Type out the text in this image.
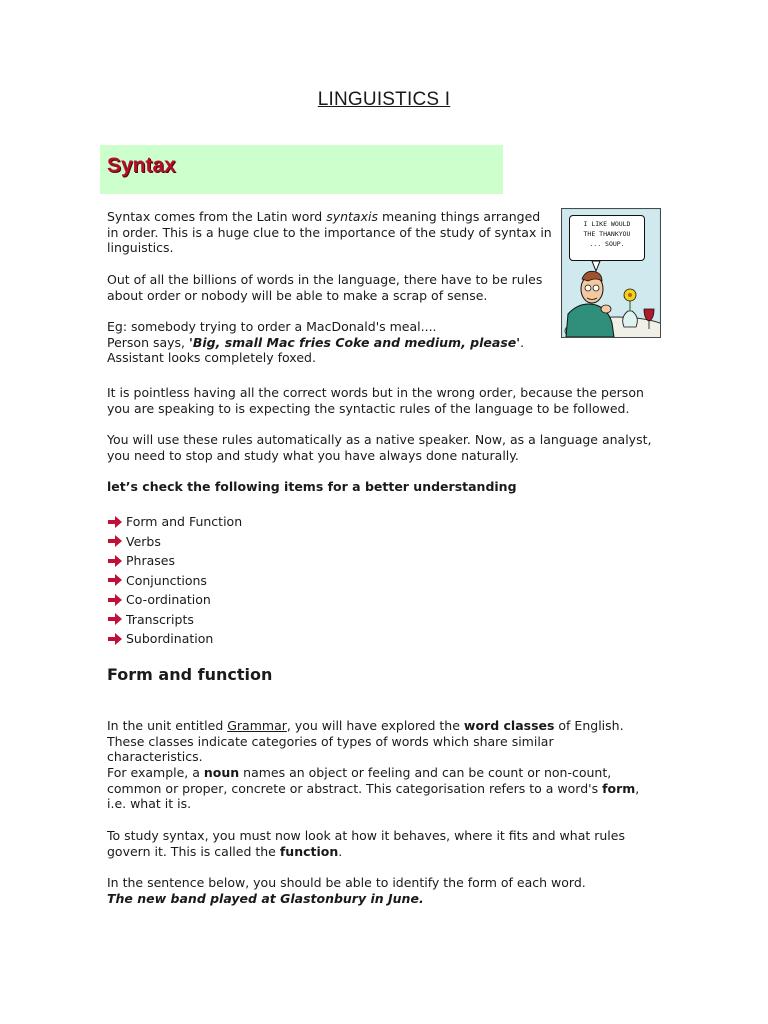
LINGUISTICS I
Syntax

Syntax comes from the Latin word syntaxis meaning things arranged in order. This is a huge clue to the importance of the study of syntax in linguistics.

Out of all the billions of words in the language, there have to be rules about order or nobody will be able to make a scrap of sense.

Eg: somebody trying to order a MacDonald's meal....
Person says, 'Big, small Mac fries Coke and medium, please'.
Assistant looks completely foxed.

It is pointless having all the correct words but in the wrong order, because the person you are speaking to is expecting the syntactic rules of the language to be followed.

You will use these rules automatically as a native speaker. Now, as a language analyst, you need to stop and study what you have always done naturally.

let’s check the following items for a better understanding

I LIKE WOULD
THE THANKYOU
... SOUP.
Form and Function
Verbs
Phrases
Conjunctions
Co-ordination
Transcripts
Subordination
Form and function

In the unit entitled Grammar, you will have explored the word classes of English. These classes indicate categories of types of words which share similar characteristics.

For example, a noun names an object or feeling and can be count or non-count, common or proper, concrete or abstract. This categorisation refers to a word's form, i.e. what it is.

To study syntax, you must now look at how it behaves, where it fits and what rules govern it. This is called the function.

In the sentence below, you should be able to identify the form of each word.
The new band played at Glastonbury in June.
